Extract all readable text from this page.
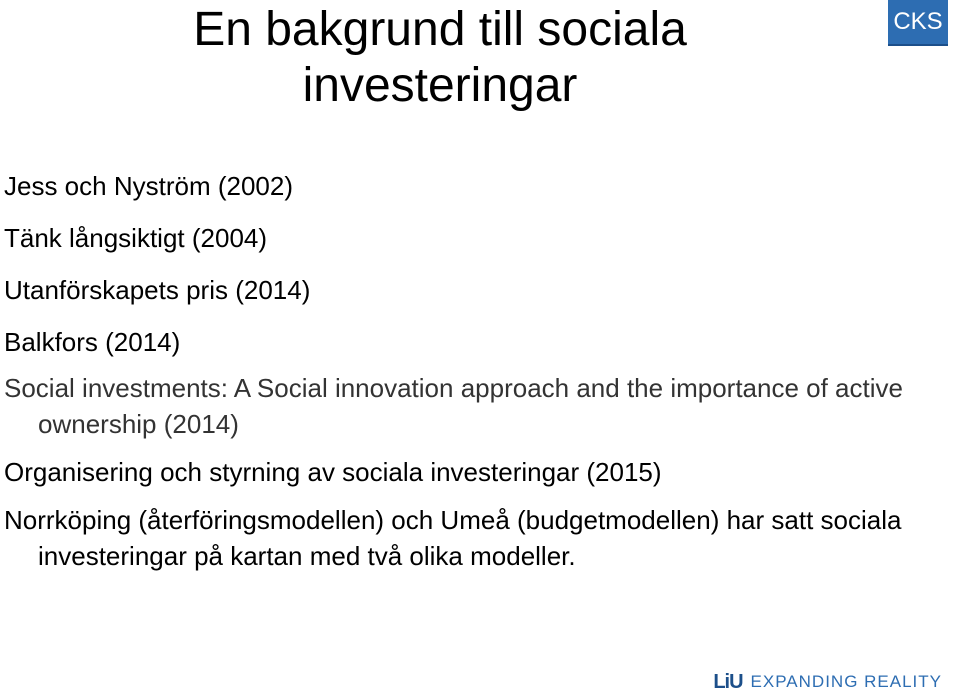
En bakgrund till sociala
investeringar
CKS
Jess och Nyström (2002)
Tänk långsiktigt (2004)
Utanförskapets pris (2014)
Balkfors (2014)
Social investments: A Social innovation approach and the importance of active ownership (2014)
Organisering och styrning av sociala investeringar (2015)
Norrköping (återföringsmodellen) och Umeå (budgetmodellen) har satt sociala investeringar på kartan med två olika modeller.
LiU EXPANDING REALITY
